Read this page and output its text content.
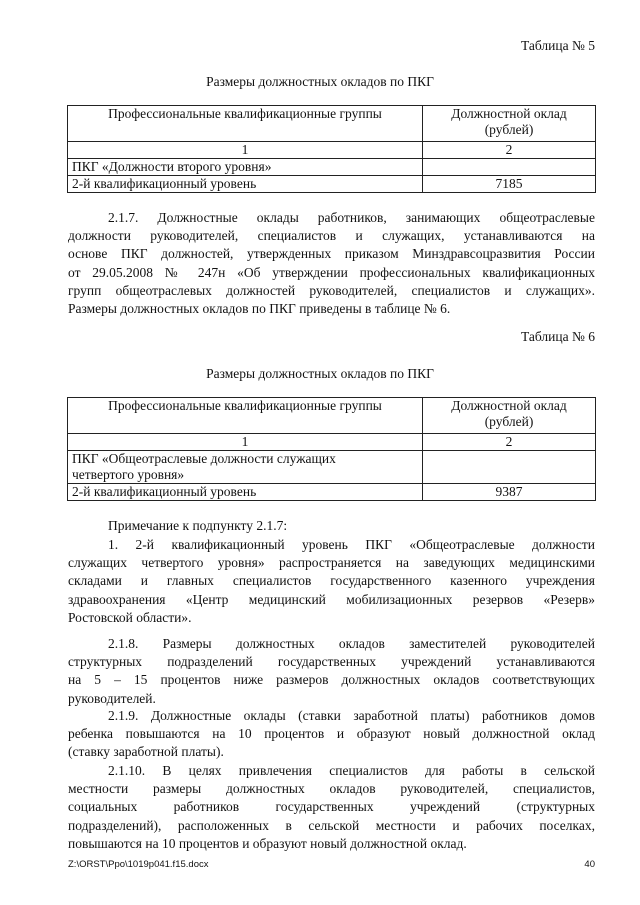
Таблица № 5
Размеры должностных окладов по ПКГ
Профессиональные квалификационные группы	Должностной оклад
(рублей)
1	2
ПКГ «Должности второго уровня»	
2-й квалификационный уровень	7185
2.1.7. Должностные оклады работников, занимающих общеотраслевые
должности руководителей, специалистов и служащих, устанавливаются на
основе ПКГ должностей, утвержденных приказом Минздравсоцразвития России
от 29.05.2008 № 247н «Об утверждении профессиональных квалификационных
групп общеотраслевых должностей руководителей, специалистов и служащих».
Размеры должностных окладов по ПКГ приведены в таблице № 6.
Таблица № 6
Размеры должностных окладов по ПКГ
Профессиональные квалификационные группы	Должностной оклад
(рублей)
1	2
ПКГ «Общеотраслевые должности служащих
четвертого уровня»	
2-й квалификационный уровень	9387
Примечание к подпункту 2.1.7:
1. 2-й квалификационный уровень ПКГ «Общеотраслевые должности
служащих четвертого уровня» распространяется на заведующих медицинскими
складами и главных специалистов государственного казенного учреждения
здравоохранения «Центр медицинский мобилизационных резервов «Резерв»
Ростовской области».
2.1.8. Размеры должностных окладов заместителей руководителей
структурных подразделений государственных учреждений устанавливаются
на 5 – 15 процентов ниже размеров должностных окладов соответствующих
руководителей.
2.1.9. Должностные оклады (ставки заработной платы) работников домов
ребенка повышаются на 10 процентов и образуют новый должностной оклад
(ставку заработной платы).
2.1.10. В целях привлечения специалистов для работы в сельской
местности размеры должностных окладов руководителей, специалистов,
социальных работников государственных учреждений (структурных
подразделений), расположенных в сельской местности и рабочих поселках,
повышаются на 10 процентов и образуют новый должностной оклад.
Z:\ORST\Ppo\1019p041.f15.docx	40
